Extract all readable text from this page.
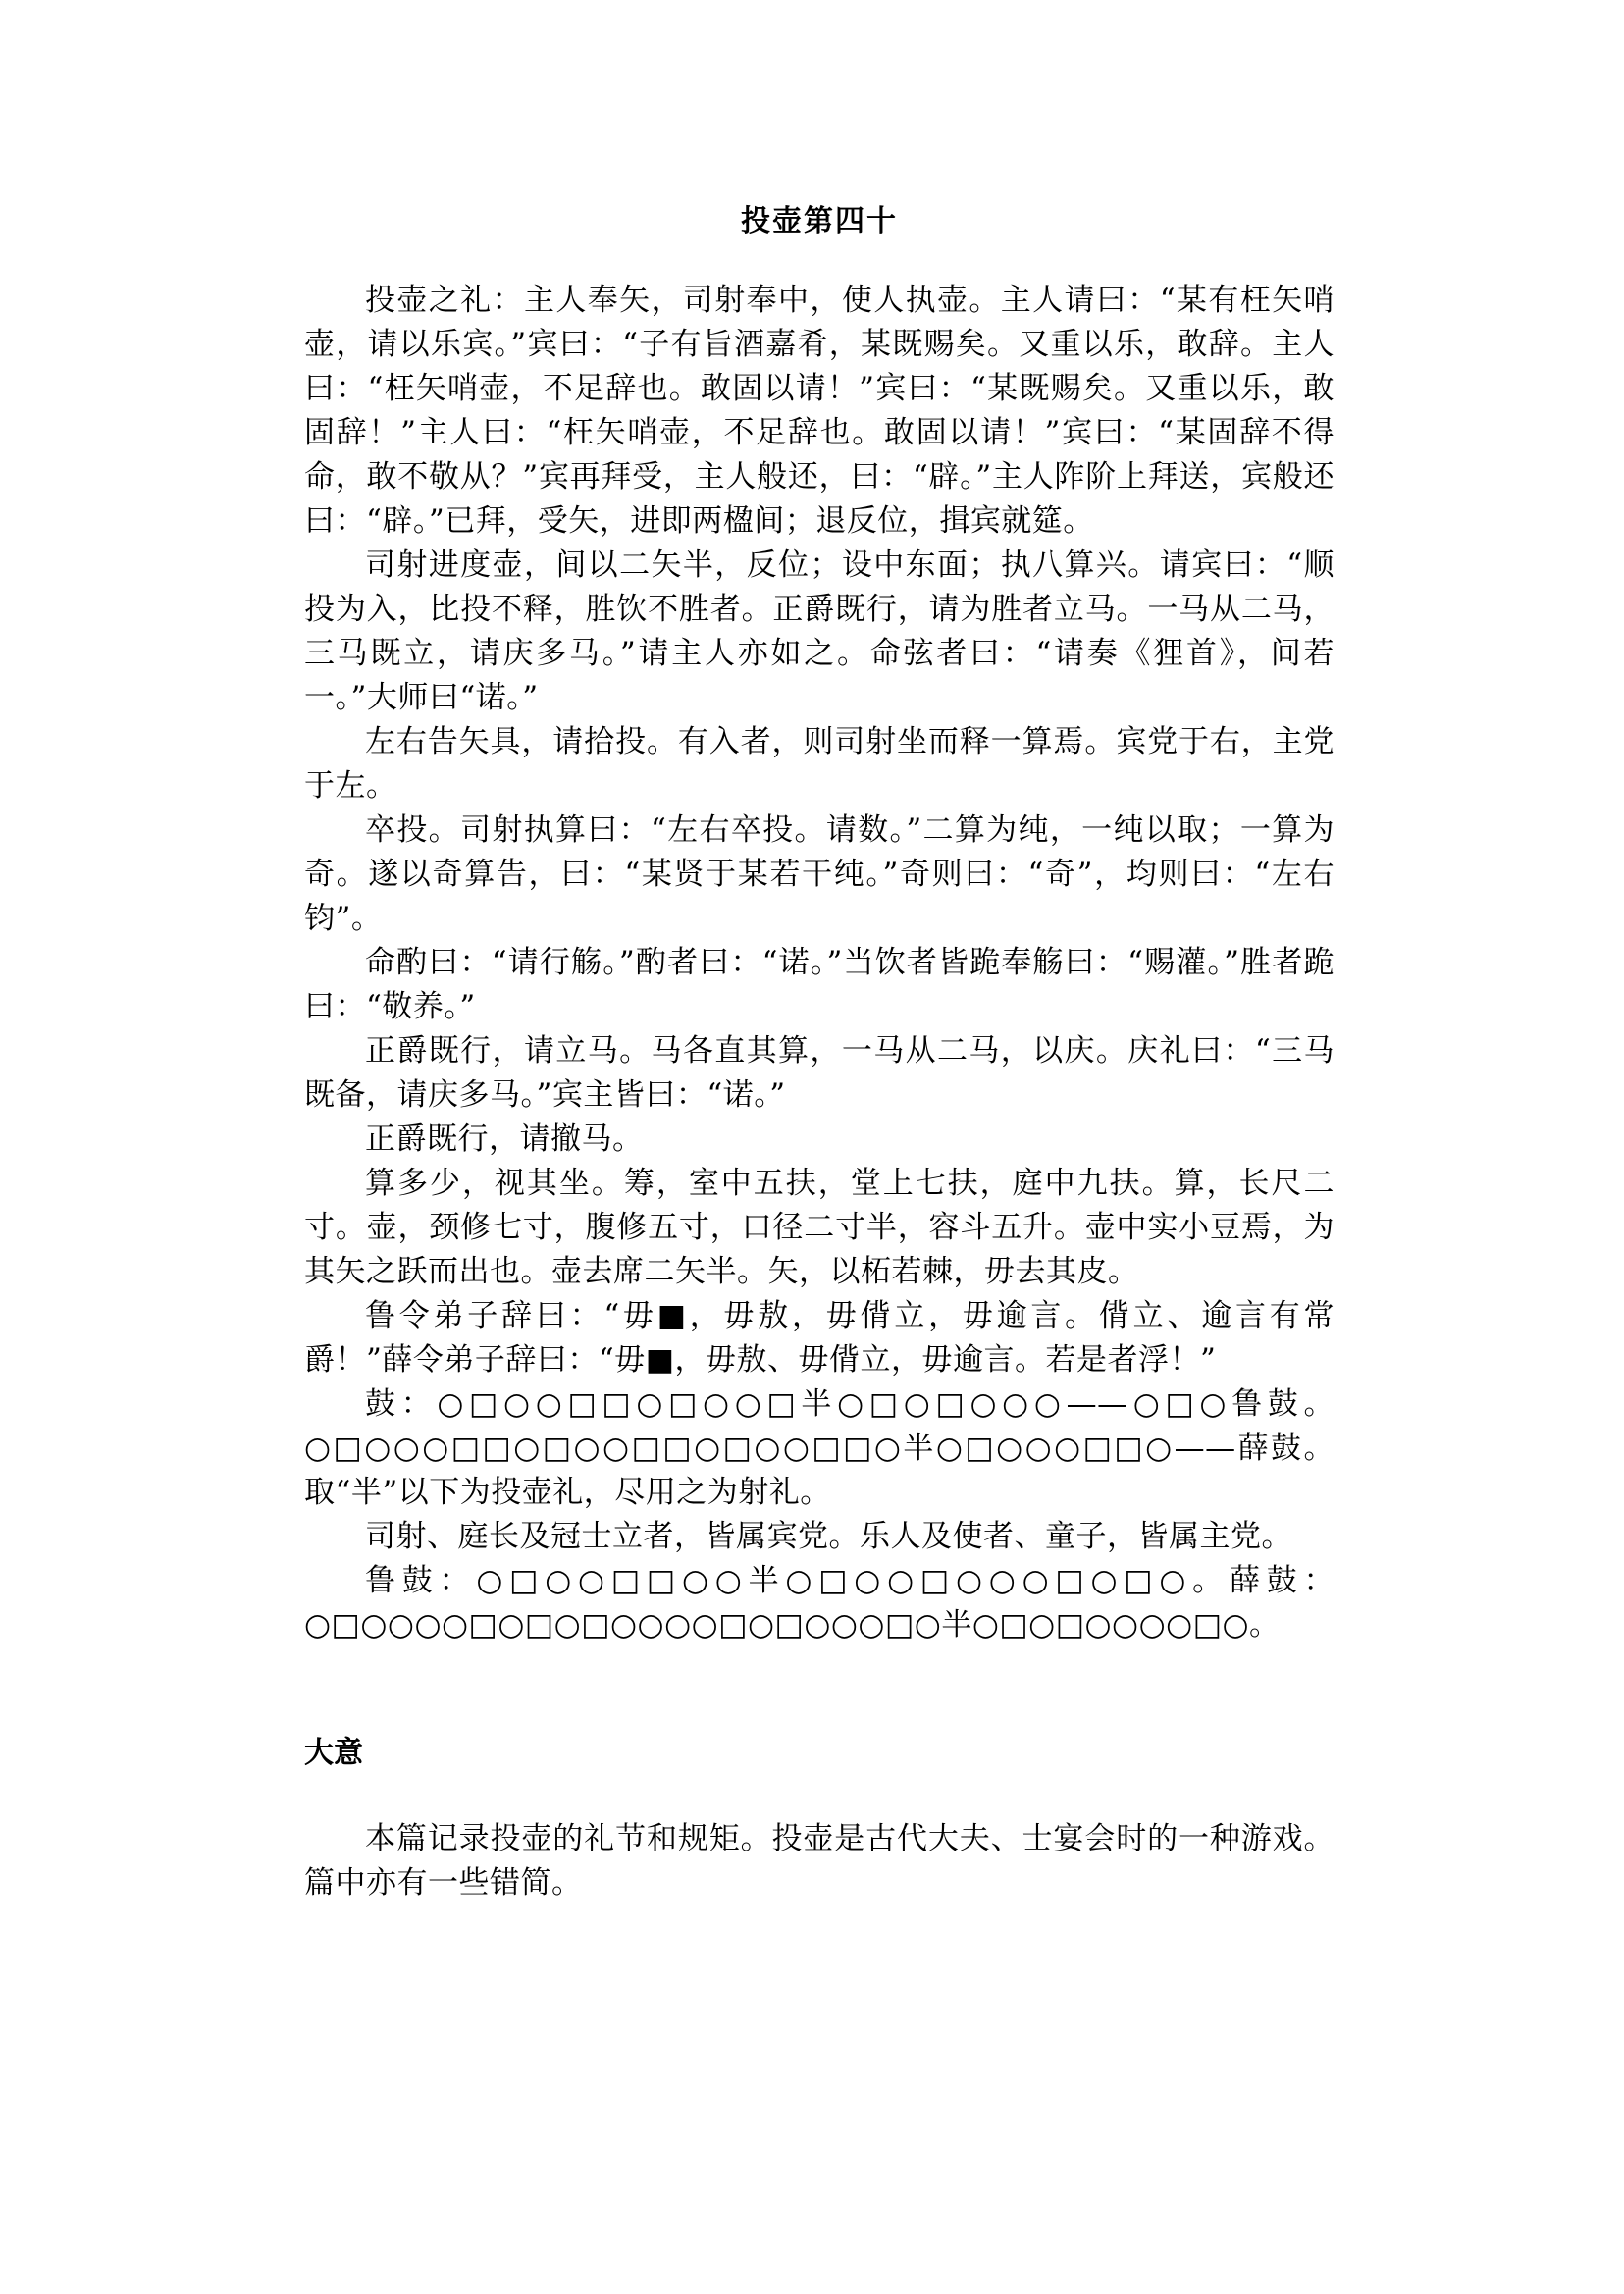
投壶第四十

投壶之礼：主人奉矢，司射奉中，使人执壶。主人请曰：“某有枉矢哨壶，请以乐宾。”宾曰：“子有旨酒嘉肴，某既赐矣。又重以乐，敢辞。主人曰：“枉矢哨壶，不足辞也。敢固以请！”宾曰：“某既赐矣。又重以乐，敢固辞！”主人曰：“枉矢哨壶，不足辞也。敢固以请！”宾曰：“某固辞不得命，敢不敬从？”宾再拜受，主人般还，曰：“辟。”主人阼阶上拜送，宾般还曰：“辟。”已拜，受矢，进即两楹间；退反位，揖宾就筵。

司射进度壶，间以二矢半，反位；设中东面；执八算兴。请宾曰：“顺投为入，比投不释，胜饮不胜者。正爵既行，请为胜者立马。一马从二马，三马既立，请庆多马。”请主人亦如之。命弦者曰：“请奏《狸首》，间若一。”大师曰“诺。”

左右告矢具，请拾投。有入者，则司射坐而释一算焉。宾党于右，主党于左。

卒投。司射执算曰：“左右卒投。请数。”二算为纯，一纯以取；一算为奇。遂以奇算告，曰：“某贤于某若干纯。”奇则曰：“奇”，均则曰：“左右钧”。

命酌曰：“请行觞。”酌者曰：“诺。”当饮者皆跪奉觞曰：“赐灌。”胜者跪曰：“敬养。”

正爵既行，请立马。马各直其算，一马从二马，以庆。庆礼曰：“三马既备，请庆多马。”宾主皆曰：“诺。”

正爵既行，请撤马。

算多少，视其坐。筹，室中五扶，堂上七扶，庭中九扶。算，长尺二寸。壶，颈修七寸，腹修五寸，口径二寸半，容斗五升。壶中实小豆焉，为其矢之跃而出也。壶去席二矢半。矢，以柘若棘，毋去其皮。

鲁令弟子辞曰：“毋■，毋敖，毋偝立，毋逾言。偝立、逾言有常爵！”薛令弟子辞曰：“毋■，毋敖、毋偝立，毋逾言。若是者浮！”

鼓：○□○○□□○□○○□半○□○□○○○——○□○鲁鼓。○□○○○□□○□○○□□○□○○□□○半○□○○○□□○——薛鼓。取“半”以下为投壶礼，尽用之为射礼。

司射、庭长及冠士立者，皆属宾党。乐人及使者、童子，皆属主党。

鲁鼓：○□○○□□○○半○□○○□○○○□○□○。薛鼓：○□○○○○□○□○□○○○○□○□○○○□○半○□○□○○○○□○。

大意

本篇记录投壶的礼节和规矩。投壶是古代大夫、士宴会时的一种游戏。篇中亦有一些错简。
